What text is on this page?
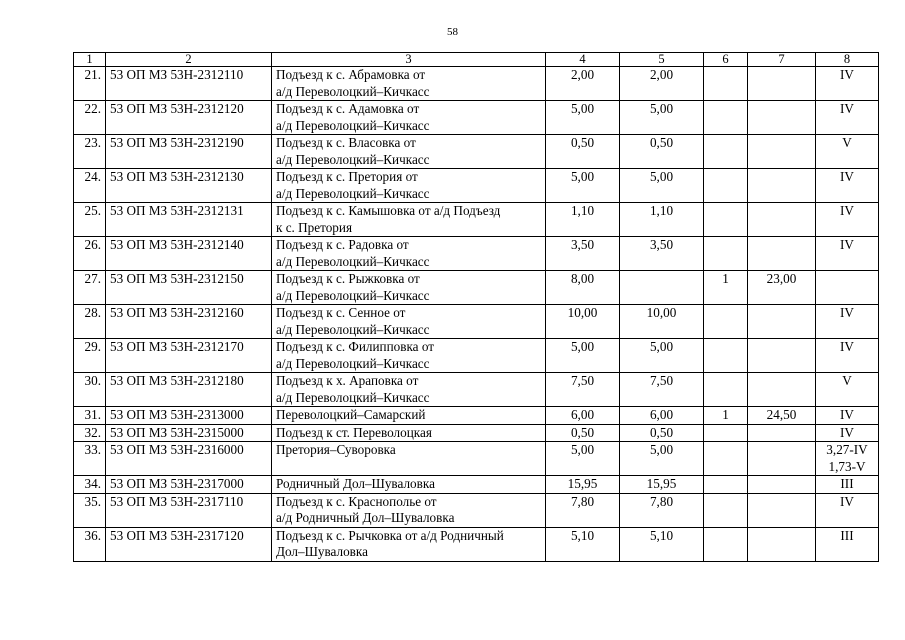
58
1	2	3	4	5	6	7	8
21.	53 ОП МЗ 53Н-2312110	Подъезд к с. Абрамовка от
а/д Переволоцкий–Кичкасс	2,00	2,00			IV
22.	53 ОП МЗ 53Н-2312120	Подъезд к с. Адамовка от
а/д Переволоцкий–Кичкасс	5,00	5,00			IV
23.	53 ОП МЗ 53Н-2312190	Подъезд к с. Власовка от
а/д Переволоцкий–Кичкасс	0,50	0,50			V
24.	53 ОП МЗ 53Н-2312130	Подъезд к с. Претория от
а/д Переволоцкий–Кичкасс	5,00	5,00			IV
25.	53 ОП МЗ 53Н-2312131	Подъезд к с. Камышовка от а/д Подъезд
к с. Претория	1,10	1,10			IV
26.	53 ОП МЗ 53Н-2312140	Подъезд к с. Радовка от
а/д Переволоцкий–Кичкасс	3,50	3,50			IV
27.	53 ОП МЗ 53Н-2312150	Подъезд к с. Рыжковка от
а/д Переволоцкий–Кичкасс	8,00		1	23,00	
28.	53 ОП МЗ 53Н-2312160	Подъезд к с. Сенное от
а/д Переволоцкий–Кичкасс	10,00	10,00			IV
29.	53 ОП МЗ 53Н-2312170	Подъезд к с. Филипповка от
а/д Переволоцкий–Кичкасс	5,00	5,00			IV
30.	53 ОП МЗ 53Н-2312180	Подъезд к х. Араповка от
а/д Переволоцкий–Кичкасс	7,50	7,50			V
31.	53 ОП МЗ 53Н-2313000	Переволоцкий–Самарский	6,00	6,00	1	24,50	IV
32.	53 ОП МЗ 53Н-2315000	Подъезд к ст. Переволоцкая	0,50	0,50			IV
33.	53 ОП МЗ 53Н-2316000	Претория–Суворовка	5,00	5,00			3,27-IV
1,73-V
34.	53 ОП МЗ 53Н-2317000	Родничный Дол–Шуваловка	15,95	15,95			III
35.	53 ОП МЗ 53Н-2317110	Подъезд к с. Краснополье от
а/д Родничный Дол–Шуваловка	7,80	7,80			IV
36.	53 ОП МЗ 53Н-2317120	Подъезд к с. Рычковка от а/д Родничный
Дол–Шуваловка	5,10	5,10			III
